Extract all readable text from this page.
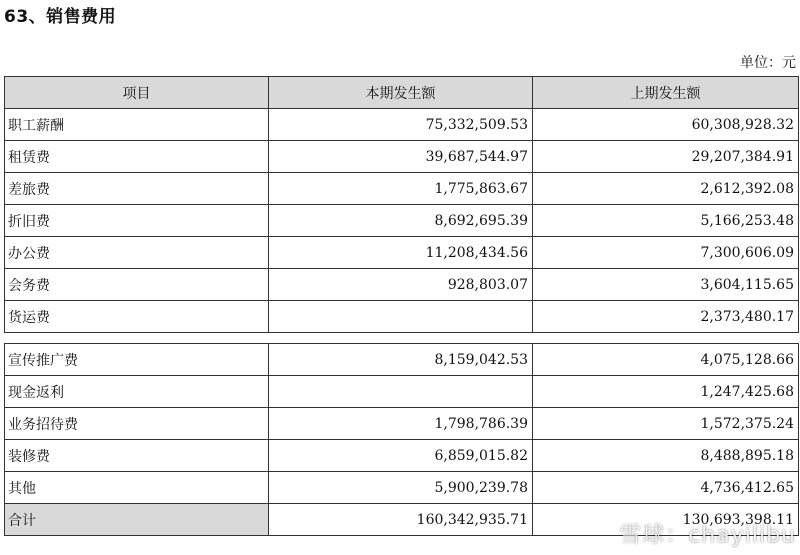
63、销售费用
单位：元
项目	本期发生额	上期发生额
职工薪酬	75,332,509.53	60,308,928.32
租赁费	39,687,544.97	29,207,384.91
差旅费	1,775,863.67	2,612,392.08
折旧费	8,692,695.39	5,166,253.48
办公费	11,208,434.56	7,300,606.09
会务费	928,803.07	3,604,115.65
货运费		2,373,480.17

宣传推广费	8,159,042.53	4,075,128.66
现金返利		1,247,425.68
业务招待费	1,798,786.39	1,572,375.24
装修费	6,859,015.82	8,488,895.18
其他	5,900,239.78	4,736,412.65
合计	160,342,935.71	130,693,398.11
雪球：chayilibu
